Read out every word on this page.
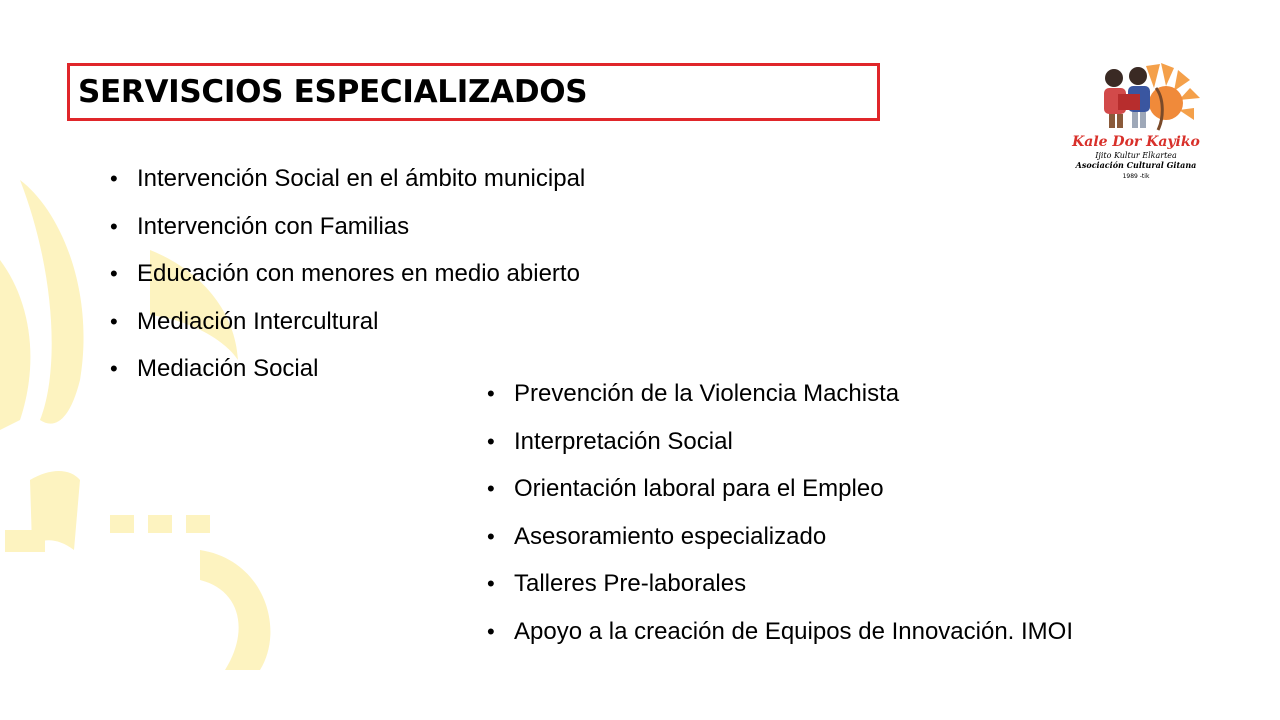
SERVISCIOS ESPECIALIZADOS
• Intervención Social en el ámbito municipal
• Intervención con Familias
• Educación con menores en medio abierto
• Mediación Intercultural
• Mediación Social
• Prevención de la Violencia Machista
• Interpretación Social
• Orientación laboral para el Empleo
• Asesoramiento especializado
• Talleres Pre-laborales
• Apoyo a la creación de Equipos de Innovación. IMOI
Kale Dor Kayiko
Ijito Kultur Elkartea
Asociación Cultural Gitana
1989 -tik
